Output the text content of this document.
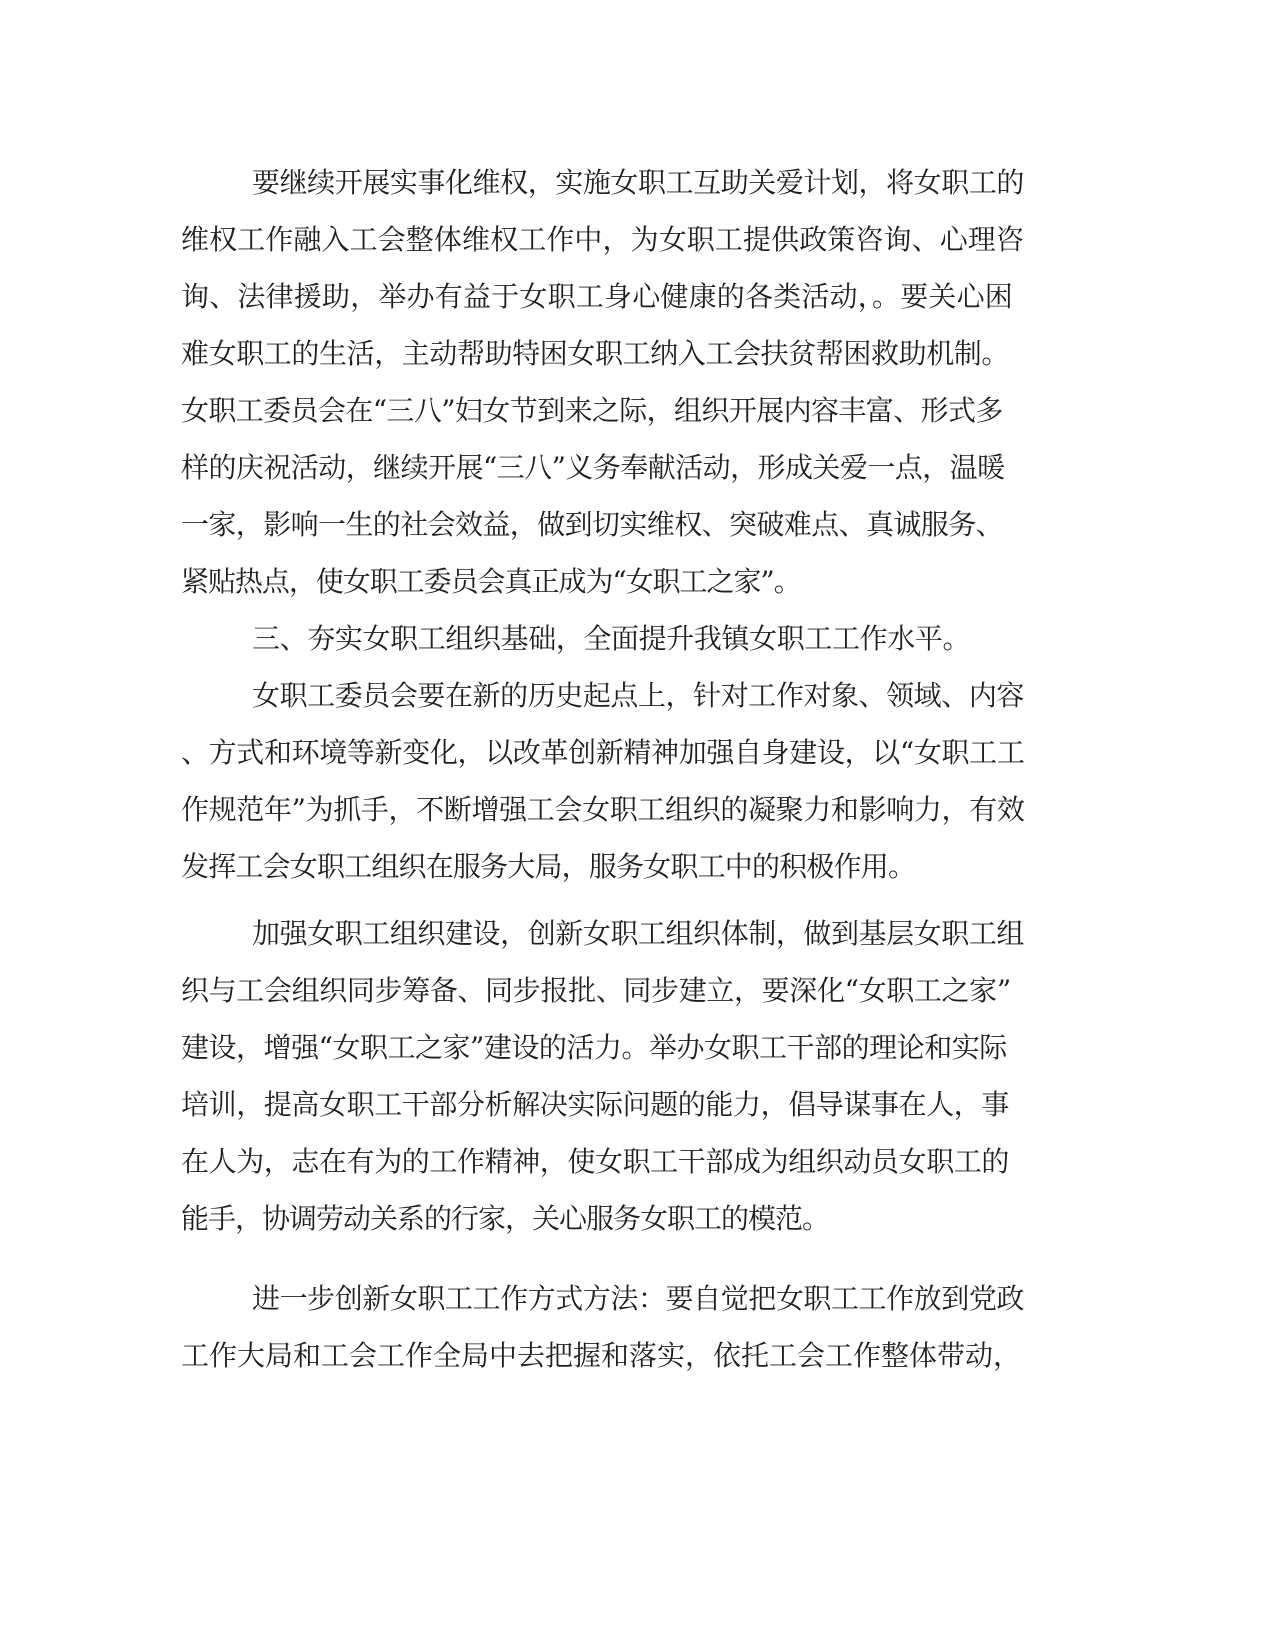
要继续开展实事化维权，实施女职工互助关爱计划，将女职工的
维权工作融入工会整体维权工作中，为女职工提供政策咨询、心理咨
询、法律援助，举办有益于女职工身心健康的各类活动，。要关心困
难女职工的生活，主动帮助特困女职工纳入工会扶贫帮困救助机制。
女职工委员会在“三八”妇女节到来之际，组织开展内容丰富、形式多
样的庆祝活动，继续开展“三八”义务奉献活动，形成关爱一点，温暖
一家，影响一生的社会效益，做到切实维权、突破难点、真诚服务、
紧贴热点，使女职工委员会真正成为“女职工之家”。
三、夯实女职工组织基础，全面提升我镇女职工工作水平。
女职工委员会要在新的历史起点上，针对工作对象、领域、内容
、方式和环境等新变化，以改革创新精神加强自身建设，以“女职工工
作规范年”为抓手，不断增强工会女职工组织的凝聚力和影响力，有效
发挥工会女职工组织在服务大局，服务女职工中的积极作用。
加强女职工组织建设，创新女职工组织体制，做到基层女职工组
织与工会组织同步筹备、同步报批、同步建立，要深化“女职工之家”
建设，增强“女职工之家”建设的活力。举办女职工干部的理论和实际
培训，提高女职工干部分析解决实际问题的能力，倡导谋事在人，事
在人为，志在有为的工作精神，使女职工干部成为组织动员女职工的
能手，协调劳动关系的行家，关心服务女职工的模范。
进一步创新女职工工作方式方法：要自觉把女职工工作放到党政
工作大局和工会工作全局中去把握和落实，依托工会工作整体带动，
